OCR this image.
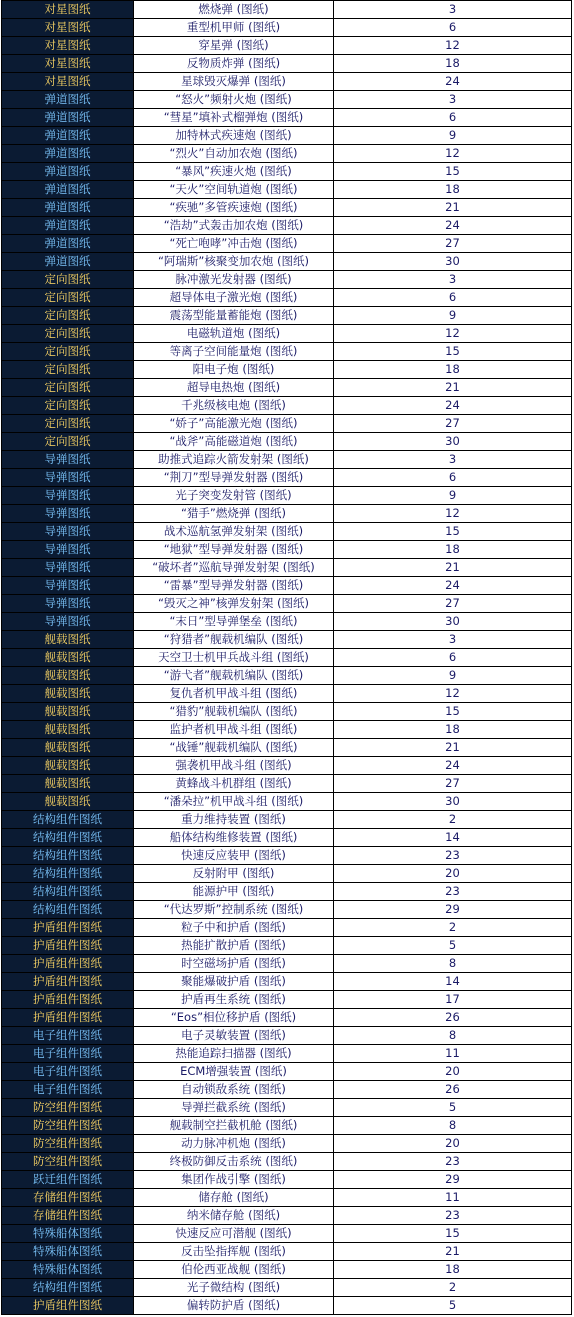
对星图纸	燃烧弹 (图纸)	3
对星图纸	重型机甲师 (图纸)	6
对星图纸	穿星弹 (图纸)	12
对星图纸	反物质炸弹 (图纸)	18
对星图纸	星球毁灭爆弹 (图纸)	24
弹道图纸	“怒火”频射火炮 (图纸)	3
弹道图纸	“彗星”填补式榴弹炮 (图纸)	6
弹道图纸	加特林式疾速炮 (图纸)	9
弹道图纸	“烈火”自动加农炮 (图纸)	12
弹道图纸	“暴风”疾速火炮 (图纸)	15
弹道图纸	“天火”空间轨道炮 (图纸)	18
弹道图纸	“疾驰”多管疾速炮 (图纸)	21
弹道图纸	“浩劫”式轰击加农炮 (图纸)	24
弹道图纸	“死亡咆哮”冲击炮 (图纸)	27
弹道图纸	“阿瑞斯”核聚变加农炮 (图纸)	30
定向图纸	脉冲激光发射器 (图纸)	3
定向图纸	超导体电子激光炮 (图纸)	6
定向图纸	震荡型能量蓄能炮 (图纸)	9
定向图纸	电磁轨道炮 (图纸)	12
定向图纸	等离子空间能量炮 (图纸)	15
定向图纸	阳电子炮 (图纸)	18
定向图纸	超导电热炮 (图纸)	21
定向图纸	千兆级核电炮 (图纸)	24
定向图纸	“娇子”高能激光炮 (图纸)	27
定向图纸	“战斧”高能磁道炮 (图纸)	30
导弹图纸	助推式追踪火箭发射架 (图纸)	3
导弹图纸	“荆刀”型导弹发射器 (图纸)	6
导弹图纸	光子突变发射管 (图纸)	9
导弹图纸	“猎手”燃烧弹 (图纸)	12
导弹图纸	战术巡航氢弹发射架 (图纸)	15
导弹图纸	“地狱”型导弹发射器 (图纸)	18
导弹图纸	“破坏者”巡航导弹发射架 (图纸)	21
导弹图纸	“雷暴”型导弹发射器 (图纸)	24
导弹图纸	“毁灭之神”核弹发射架 (图纸)	27
导弹图纸	“末日”型导弹堡垒 (图纸)	30
舰载图纸	“狩猎者”舰载机编队 (图纸)	3
舰载图纸	天空卫士机甲兵战斗组 (图纸)	6
舰载图纸	“游弋者”舰载机编队 (图纸)	9
舰载图纸	复仇者机甲战斗组 (图纸)	12
舰载图纸	“猎豹”舰载机编队 (图纸)	15
舰载图纸	监护者机甲战斗组 (图纸)	18
舰载图纸	“战锤”舰载机编队 (图纸)	21
舰载图纸	强袭机甲战斗组 (图纸)	24
舰载图纸	黄蜂战斗机群组 (图纸)	27
舰载图纸	“潘朵拉”机甲战斗组 (图纸)	30
结构组件图纸	重力维持装置 (图纸)	2
结构组件图纸	船体结构维修装置 (图纸)	14
结构组件图纸	快速反应装甲 (图纸)	23
结构组件图纸	反射附甲 (图纸)	20
结构组件图纸	能源护甲 (图纸)	23
结构组件图纸	“代达罗斯”控制系统 (图纸)	29
护盾组件图纸	粒子中和护盾 (图纸)	2
护盾组件图纸	热能扩散护盾 (图纸)	5
护盾组件图纸	时空磁场护盾 (图纸)	8
护盾组件图纸	聚能爆破护盾 (图纸)	14
护盾组件图纸	护盾再生系统 (图纸)	17
护盾组件图纸	“Eos”相位移护盾 (图纸)	26
电子组件图纸	电子灵敏装置 (图纸)	8
电子组件图纸	热能追踪扫描器 (图纸)	11
电子组件图纸	ECM增强装置 (图纸)	20
电子组件图纸	自动锁敌系统 (图纸)	26
防空组件图纸	导弹拦截系统 (图纸)	5
防空组件图纸	舰载制空拦截机舱 (图纸)	8
防空组件图纸	动力脉冲机炮 (图纸)	20
防空组件图纸	终极防御反击系统 (图纸)	23
跃迁组件图纸	集团作战引擎 (图纸)	29
存储组件图纸	储存舱 (图纸)	11
存储组件图纸	纳米储存舱 (图纸)	23
特殊船体图纸	快速反应可潜舰 (图纸)	15
特殊船体图纸	反击坠指挥舰 (图纸)	21
特殊船体图纸	伯伦西亚战舰 (图纸)	18
结构组件图纸	光子微结构 (图纸)	2
护盾组件图纸	偏转防护盾 (图纸)	5
